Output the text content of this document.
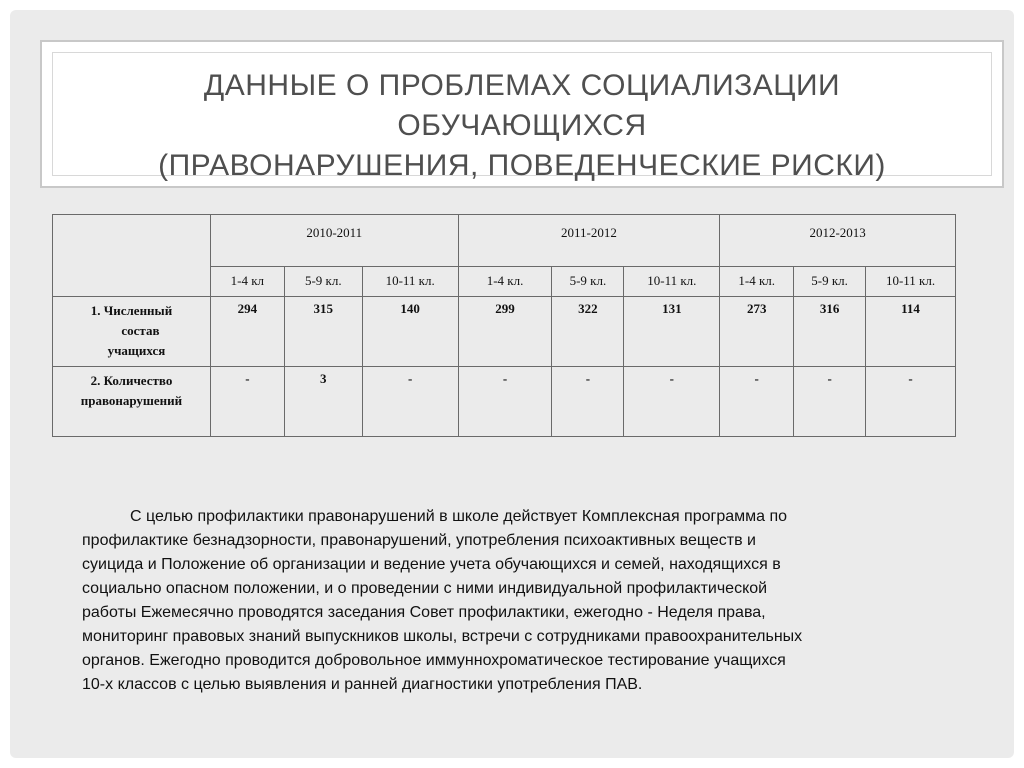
ДАННЫЕ О ПРОБЛЕМАХ СОЦИАЛИЗАЦИИ
ОБУЧАЮЩИХСЯ
(ПРАВОНАРУШЕНИЯ, ПОВЕДЕНЧЕСКИЕ РИСКИ)
	2010-2011			2011-2012			2012-2013		
	1-4 кл	5-9 кл.	10-11 кл.	1-4 кл.	5-9 кл.	10-11 кл.	1-4 кл.	5-9 кл.	10-11 кл.

1. Численный
состав
учащихся	294	315	140	299	322	131	273	316	114

2. Количество
правонарушений	-	3	-	-	-	-	-	-	-
С целью профилактики правонарушений в школе действует Комплексная программа по
профилактике безнадзорности, правонарушений, употребления психоактивных веществ и
суицида и Положение об организации и ведение учета обучающихся и семей, находящихся в
социально опасном положении, и о проведении с ними индивидуальной профилактической
работы Ежемесячно проводятся заседания Совет профилактики, ежегодно - Неделя права,
мониторинг правовых знаний выпускников школы, встречи с сотрудниками правоохранительных
органов. Ежегодно проводится добровольное иммуннохроматическое тестирование учащихся
10-х классов с целью выявления и ранней диагностики употребления ПАВ.
